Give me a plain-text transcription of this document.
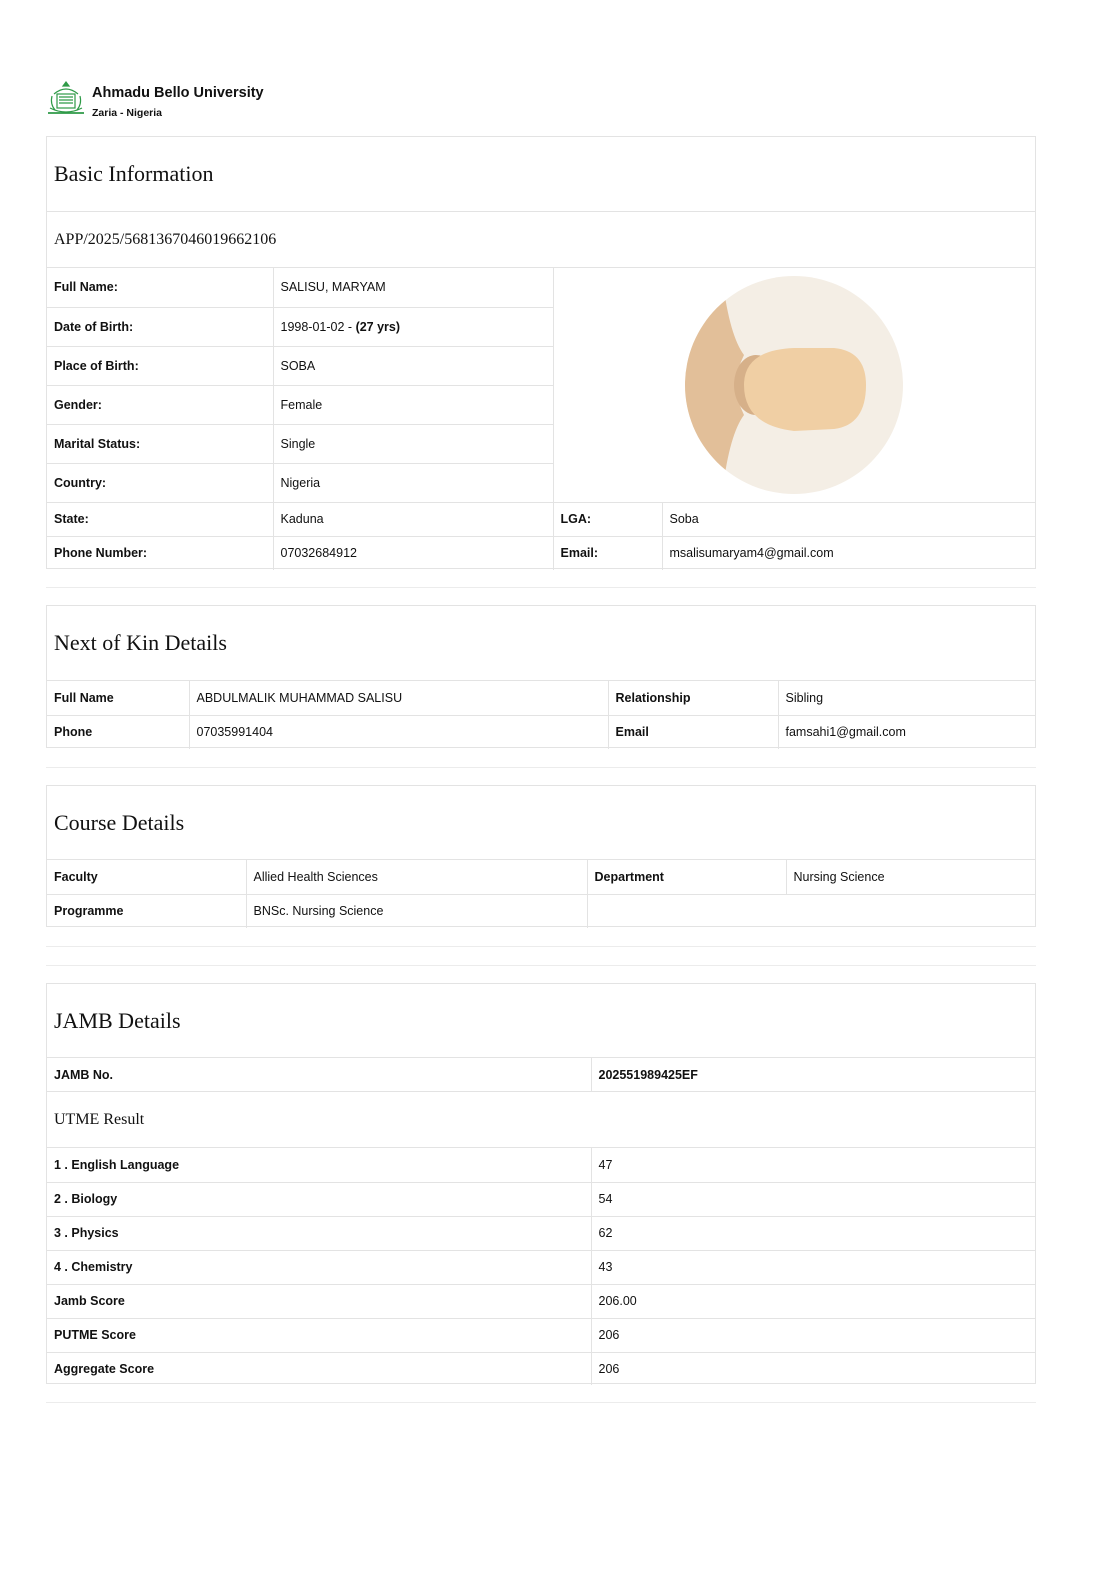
Ahmadu Bello University
Zaria - Nigeria
Basic Information
APP/2025/5681367046019662106
Full Name:	SALISU, MARYAM	

Date of Birth:	1998-01-02 - (27 yrs)		
Place of Birth:	SOBA		
Gender:	Female		
Marital Status:	Single		
Country:	Nigeria		
State:	Kaduna	LGA:	Soba
Phone Number:	07032684912	Email:	msalisumaryam4@gmail.com
Next of Kin Details
Full Name	ABDULMALIK MUHAMMAD SALISU	Relationship	Sibling
Phone	07035991404	Email	famsahi1@gmail.com
Course Details
Faculty	Allied Health Sciences	Department	Nursing Science
Programme	BNSc. Nursing Science		
JAMB Details
JAMB No.	202551989425EF
UTME Result
1 . English Language	47
2 . Biology	54
3 . Physics	62
4 . Chemistry	43
Jamb Score	206.00
PUTME Score	206
Aggregate Score	206
